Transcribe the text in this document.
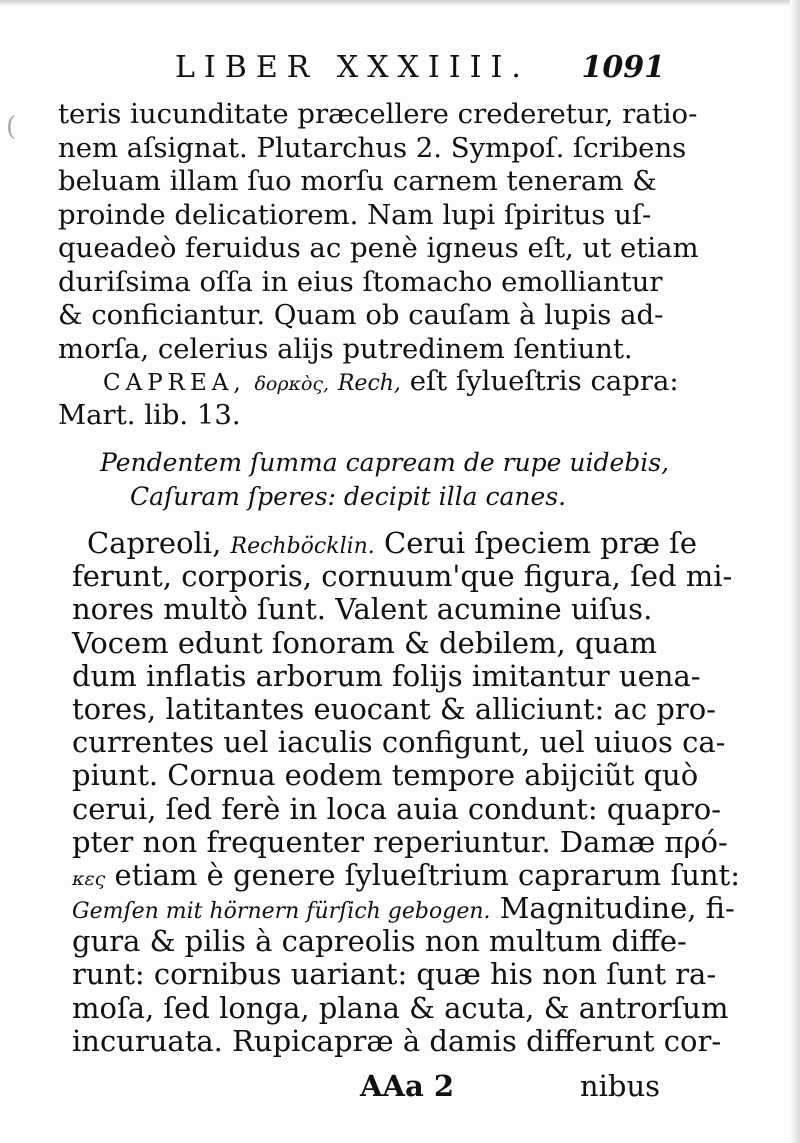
(
LIBER XXXIIII. 1091
teris iucunditate præcellere crederetur, ratio-
nem aſsignat. Plutarchus 2. Sympoſ. ſcribens
beluam illam ſuo morſu carnem teneram &
proinde delicatiorem. Nam lupi ſpiritus uſ-
queadeò feruidus ac penè igneus eſt, ut etiam
duriſsima oſſa in eius ſtomacho emolliantur
& conficiantur. Quam ob cauſam à lupis ad-
morſa, celerius alijs putredinem ſentiunt.
CAPREA, δορκὸς, Rech, eſt ſylueſtris capra:
Mart. lib. 13.
Pendentem ſumma capream de rupe uidebis,
Caſuram ſperes: decipit illa canes.
Capreoli, Rechböcklin. Cerui ſpeciem præ ſe
ferunt, corporis, cornuum'que figura, ſed mi-
nores multò ſunt. Valent acumine uiſus.
Vocem edunt ſonoram & debilem, quam
dum inflatis arborum folijs imitantur uena-
tores, latitantes euocant & alliciunt: ac pro-
currentes uel iaculis configunt, uel uiuos ca-
piunt. Cornua eodem tempore abijciũt quò
cerui, ſed ferè in loca auia condunt: quapro-
pter non frequenter reperiuntur. Damæ πρό-
κες etiam è genere ſylueſtrium caprarum ſunt:
Gemſen mit hörnern fürſich gebogen. Magnitudine, fi-
gura & pilis à capreolis non multum diffe-
runt: cornibus uariant: quæ his non ſunt ra-
moſa, ſed longa, plana & acuta, & antrorſum
incuruata. Rupicapræ à damis differunt cor-
AAa 2	nibus
